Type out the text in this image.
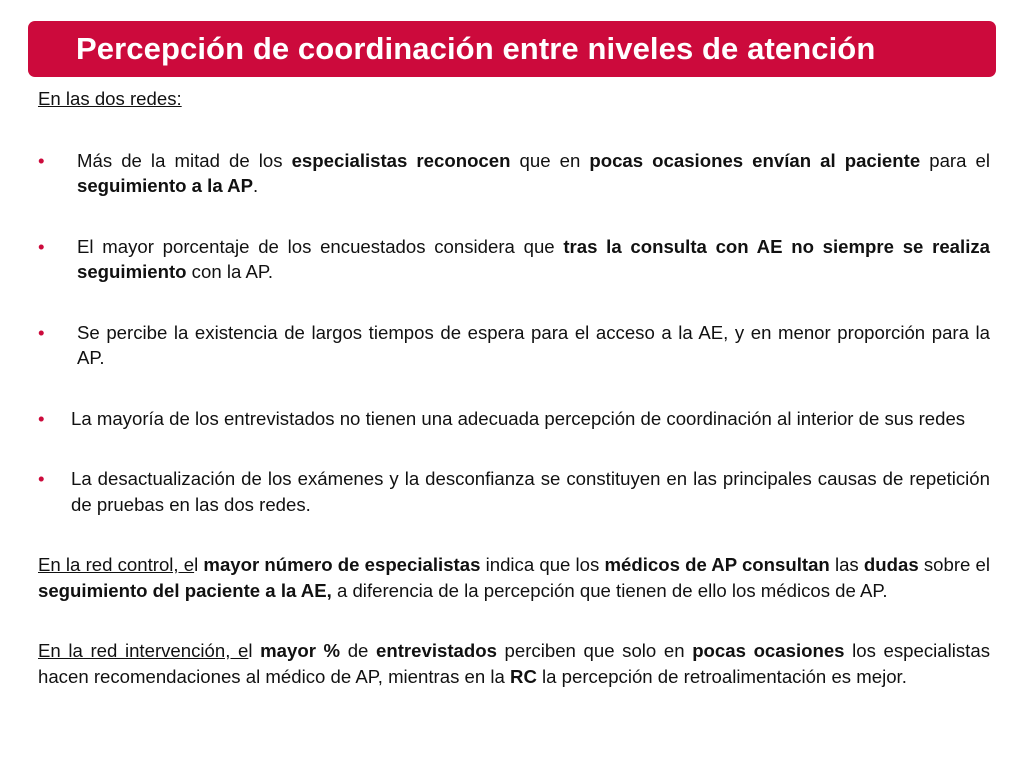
Percepción de coordinación entre niveles de atención

En las dos redes:

• Más de la mitad de los especialistas reconocen que en pocas ocasiones envían al paciente para el seguimiento a la AP.

• El mayor porcentaje de los encuestados considera que tras la consulta con AE no siempre se realiza seguimiento con la AP.

• Se percibe la existencia de largos tiempos de espera para el acceso a la AE, y en menor proporción para la AP.

• La mayoría de los entrevistados no tienen una adecuada percepción de coordinación al interior de sus redes

• La desactualización de los exámenes y la desconfianza se constituyen en las principales causas de repetición de pruebas en las dos redes.

En la red control, el mayor número de especialistas indica que los médicos de AP consultan las dudas sobre el seguimiento del paciente a la AE, a diferencia de la percepción que tienen de ello los médicos de AP.

En la red intervención, el mayor % de entrevistados perciben que solo en pocas ocasiones los especialistas hacen recomendaciones al médico de AP, mientras en la RC la percepción de retroalimentación es mejor.
